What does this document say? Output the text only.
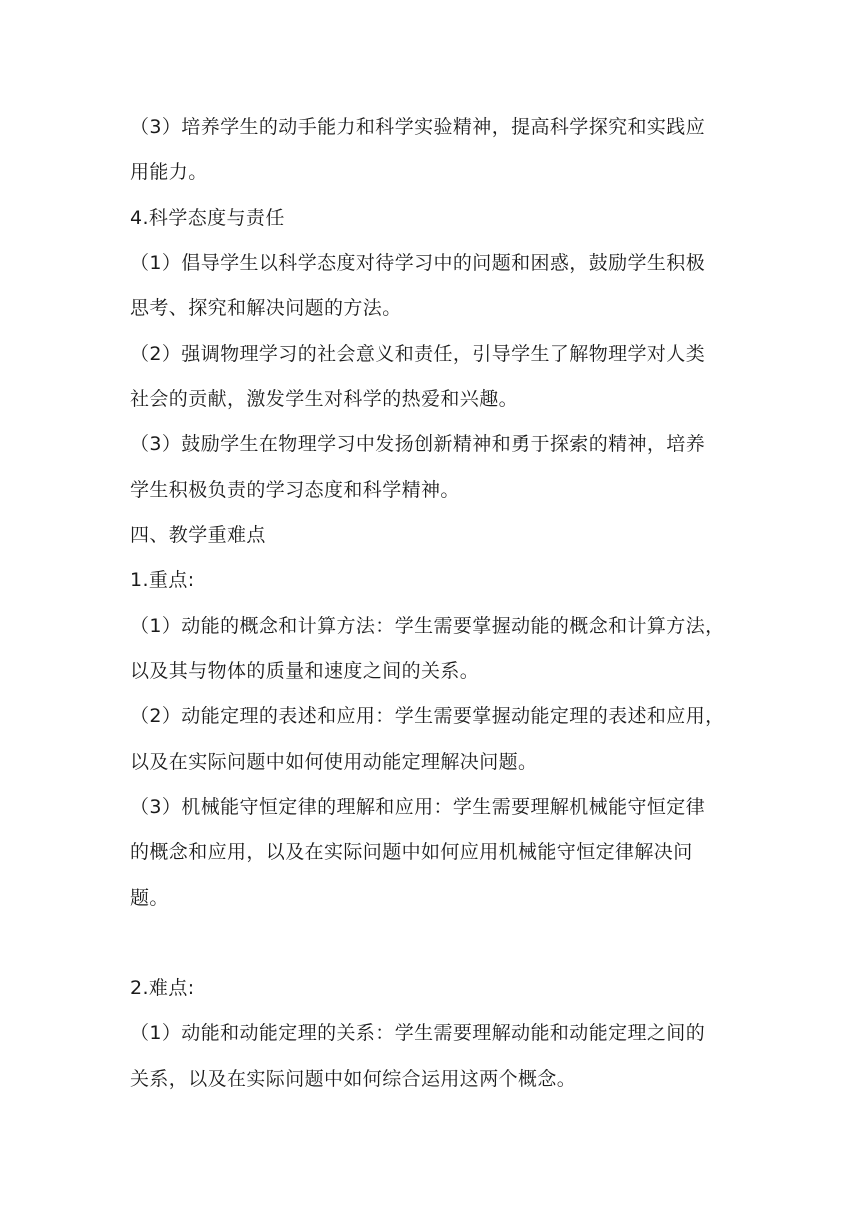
（3）培养学生的动手能力和科学实验精神，提高科学探究和实践应
用能力。
4.科学态度与责任
（1）倡导学生以科学态度对待学习中的问题和困惑，鼓励学生积极
思考、探究和解决问题的方法。
（2）强调物理学习的社会意义和责任，引导学生了解物理学对人类
社会的贡献，激发学生对科学的热爱和兴趣。
（3）鼓励学生在物理学习中发扬创新精神和勇于探索的精神，培养
学生积极负责的学习态度和科学精神。
四、教学重难点
1.重点:
（1）动能的概念和计算方法：学生需要掌握动能的概念和计算方法，
以及其与物体的质量和速度之间的关系。
（2）动能定理的表述和应用：学生需要掌握动能定理的表述和应用，
以及在实际问题中如何使用动能定理解决问题。
（3）机械能守恒定律的理解和应用：学生需要理解机械能守恒定律
的概念和应用，以及在实际问题中如何应用机械能守恒定律解决问
题。
2.难点:
（1）动能和动能定理的关系：学生需要理解动能和动能定理之间的
关系，以及在实际问题中如何综合运用这两个概念。
